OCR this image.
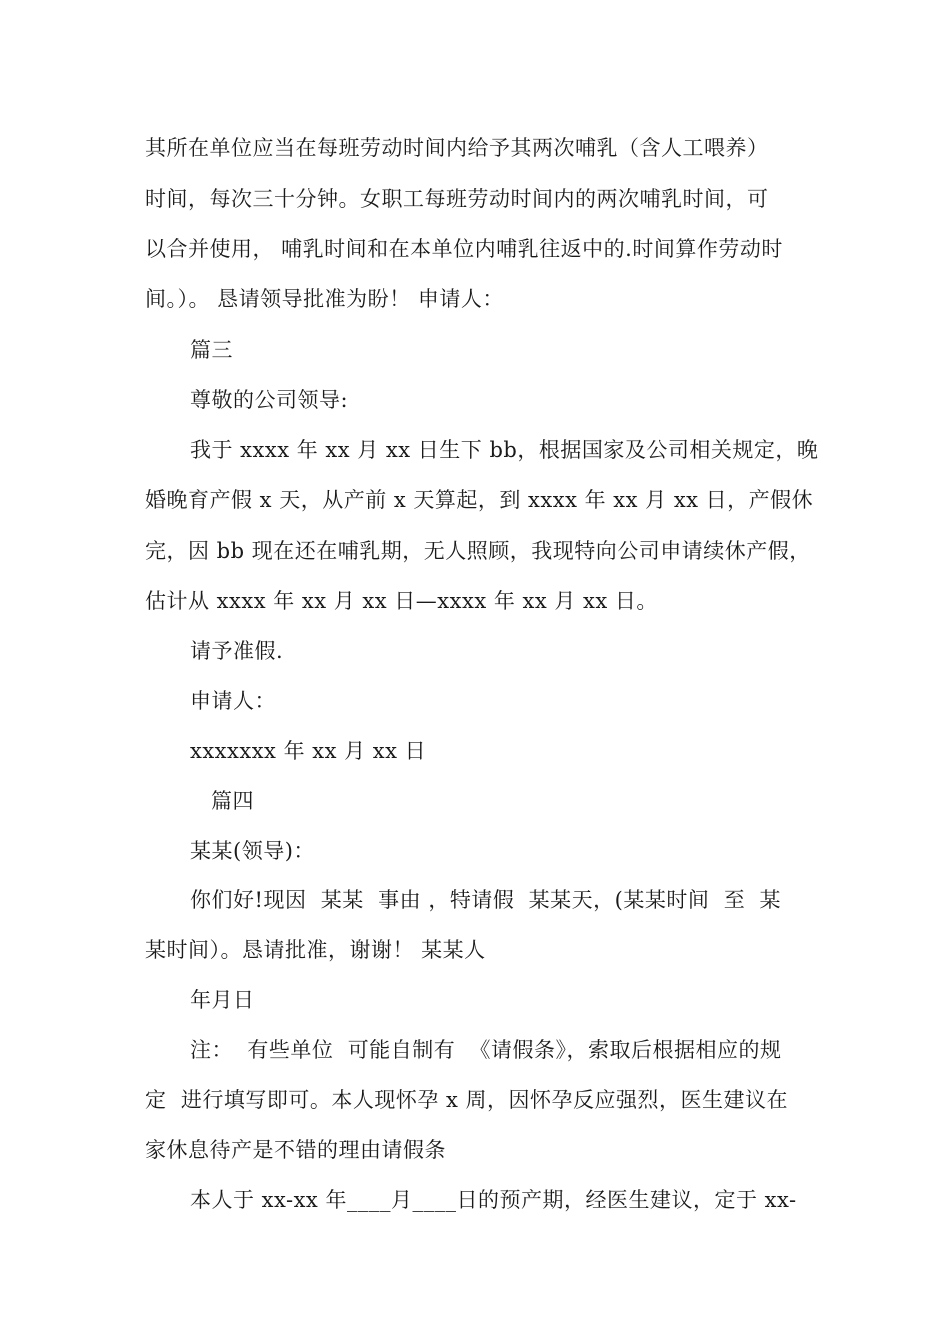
其所在单位应当在每班劳动时间内给予其两次哺乳（含人工喂养）
时间，每次三十分钟。女职工每班劳动时间内的两次哺乳时间，可
以合并使用， 哺乳时间和在本单位内哺乳往返中的.时间算作劳动时
间。）。 恳请领导批准为盼！ 申请人：
篇三
尊敬的公司领导:
我于 xxxx 年 xx 月 xx 日生下 bb，根据国家及公司相关规定，晚
婚晚育产假 x 天，从产前 x 天算起，到 xxxx 年 xx 月 xx 日，产假休
完，因 bb 现在还在哺乳期，无人照顾，我现特向公司申请续休产假，
估计从 xxxx 年 xx 月 xx 日—xxxx 年 xx 月 xx 日。
请予准假.
申请人：
xxxxxxx 年 xx 月 xx 日
篇四
某某(领导)：
你们好!现因  某某  事由 ，特请假  某某天，(某某时间  至  某
某时间）。恳请批准，谢谢！ 某某人
年月日
注：  有些单位  可能自制有  《请假条》，索取后根据相应的规
定  进行填写即可。本人现怀孕 x 周，因怀孕反应强烈，医生建议在
家休息待产是不错的理由请假条
本人于 xx-xx 年____月____日的预产期，经医生建议，定于 xx-
